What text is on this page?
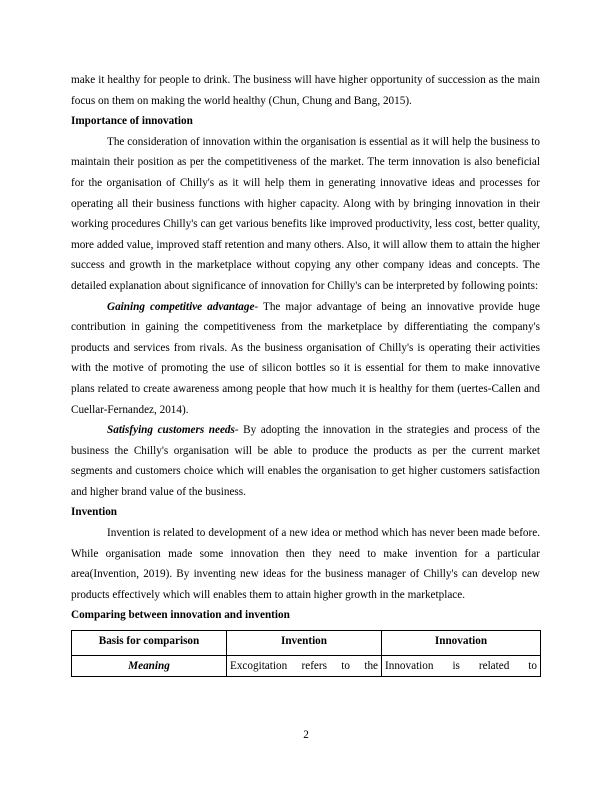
make it healthy for people to drink. The business will have higher opportunity of succession as the main focus on them on making the world healthy (Chun, Chung and Bang, 2015).

Importance of innovation

The consideration of innovation within the organisation is essential as it will help the business to maintain their position as per the competitiveness of the market. The term innovation is also beneficial for the organisation of Chilly's as it will help them in generating innovative ideas and processes for operating all their business functions with higher capacity. Along with by bringing innovation in their working procedures Chilly's can get various benefits like improved productivity, less cost, better quality, more added value, improved staff retention and many others. Also, it will allow them to attain the higher success and growth in the marketplace without copying any other company ideas and concepts. The detailed explanation about significance of innovation for Chilly's can be interpreted by following points:

Gaining competitive advantage- The major advantage of being an innovative provide huge contribution in gaining the competitiveness from the marketplace by differentiating the company's products and services from rivals. As the business organisation of Chilly's is operating their activities with the motive of promoting the use of silicon bottles so it is essential for them to make innovative plans related to create awareness among people that how much it is healthy for them (uertes-Callen and Cuellar-Fernandez, 2014).

Satisfying customers needs- By adopting the innovation in the strategies and process of the business the Chilly's organisation will be able to produce the products as per the current market segments and customers choice which will enables the organisation to get higher customers satisfaction and higher brand value of the business.

Invention

Invention is related to development of a new idea or method which has never been made before. While organisation made some innovation then they need to make invention for a particular area(Invention, 2019). By inventing new ideas for the business manager of Chilly's can develop new products effectively which will enables them to attain higher growth in the marketplace.

Comparing between innovation and invention
Basis for comparison	Invention	Innovation
Meaning	Excogitation refers to the	Innovation is related to
2
